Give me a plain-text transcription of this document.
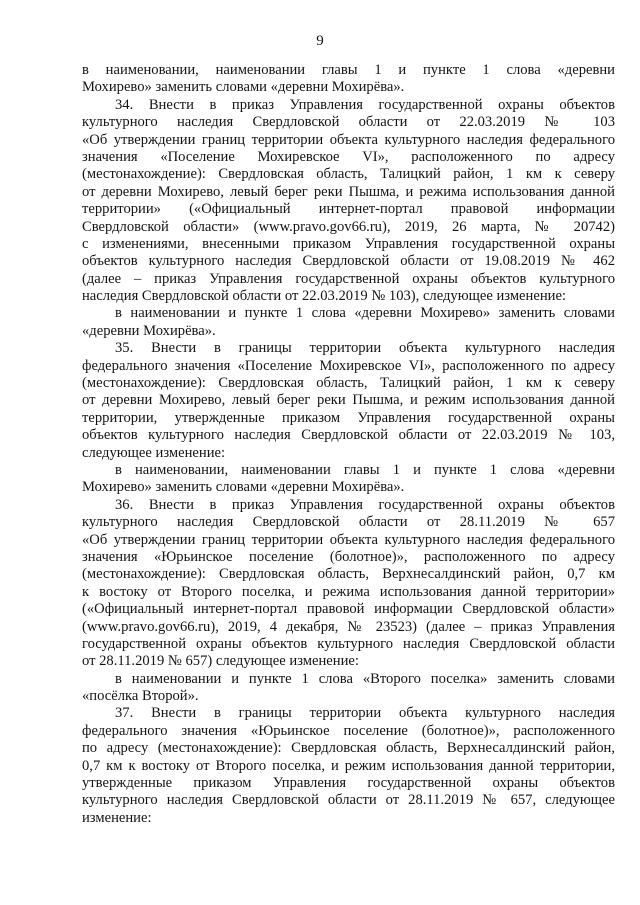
9
в наименовании, наименовании главы 1 и пункте 1 слова «деревни
Мохирево» заменить словами «деревни Мохирёва».
34. Внести в приказ Управления государственной охраны объектов
культурного наследия Свердловской области от 22.03.2019 № 103
«Об утверждении границ территории объекта культурного наследия федерального
значения «Поселение Мохиревское VI», расположенного по адресу
(местонахождение): Свердловская область, Талицкий район, 1 км к северу
от деревни Мохирево, левый берег реки Пышма, и режима использования данной
территории» («Официальный интернет-портал правовой информации
Свердловской области» (www.pravo.gov66.ru), 2019, 26 марта, № 20742)
с изменениями, внесенными приказом Управления государственной охраны
объектов культурного наследия Свердловской области от 19.08.2019 № 462
(далее – приказ Управления государственной охраны объектов культурного
наследия Свердловской области от 22.03.2019 № 103), следующее изменение:
в наименовании и пункте 1 слова «деревни Мохирево» заменить словами
«деревни Мохирёва».
35. Внести в границы территории объекта культурного наследия
федерального значения «Поселение Мохиревское VI», расположенного по адресу
(местонахождение): Свердловская область, Талицкий район, 1 км к северу
от деревни Мохирево, левый берег реки Пышма, и режим использования данной
территории, утвержденные приказом Управления государственной охраны
объектов культурного наследия Свердловской области от 22.03.2019 № 103,
следующее изменение:
в наименовании, наименовании главы 1 и пункте 1 слова «деревни
Мохирево» заменить словами «деревни Мохирёва».
36. Внести в приказ Управления государственной охраны объектов
культурного наследия Свердловской области от 28.11.2019 № 657
«Об утверждении границ территории объекта культурного наследия федерального
значения «Юрьинское поселение (болотное)», расположенного по адресу
(местонахождение): Свердловская область, Верхнесалдинский район, 0,7 км
к востоку от Второго поселка, и режима использования данной территории»
(«Официальный интернет-портал правовой информации Свердловской области»
(www.pravo.gov66.ru), 2019, 4 декабря, № 23523) (далее – приказ Управления
государственной охраны объектов культурного наследия Свердловской области
от 28.11.2019 № 657) следующее изменение:
в наименовании и пункте 1 слова «Второго поселка» заменить словами
«посёлка Второй».
37. Внести в границы территории объекта культурного наследия
федерального значения «Юрьинское поселение (болотное)», расположенного
по адресу (местонахождение): Свердловская область, Верхнесалдинский район,
0,7 км к востоку от Второго поселка, и режим использования данной территории,
утвержденные приказом Управления государственной охраны объектов
культурного наследия Свердловской области от 28.11.2019 № 657, следующее
изменение:
